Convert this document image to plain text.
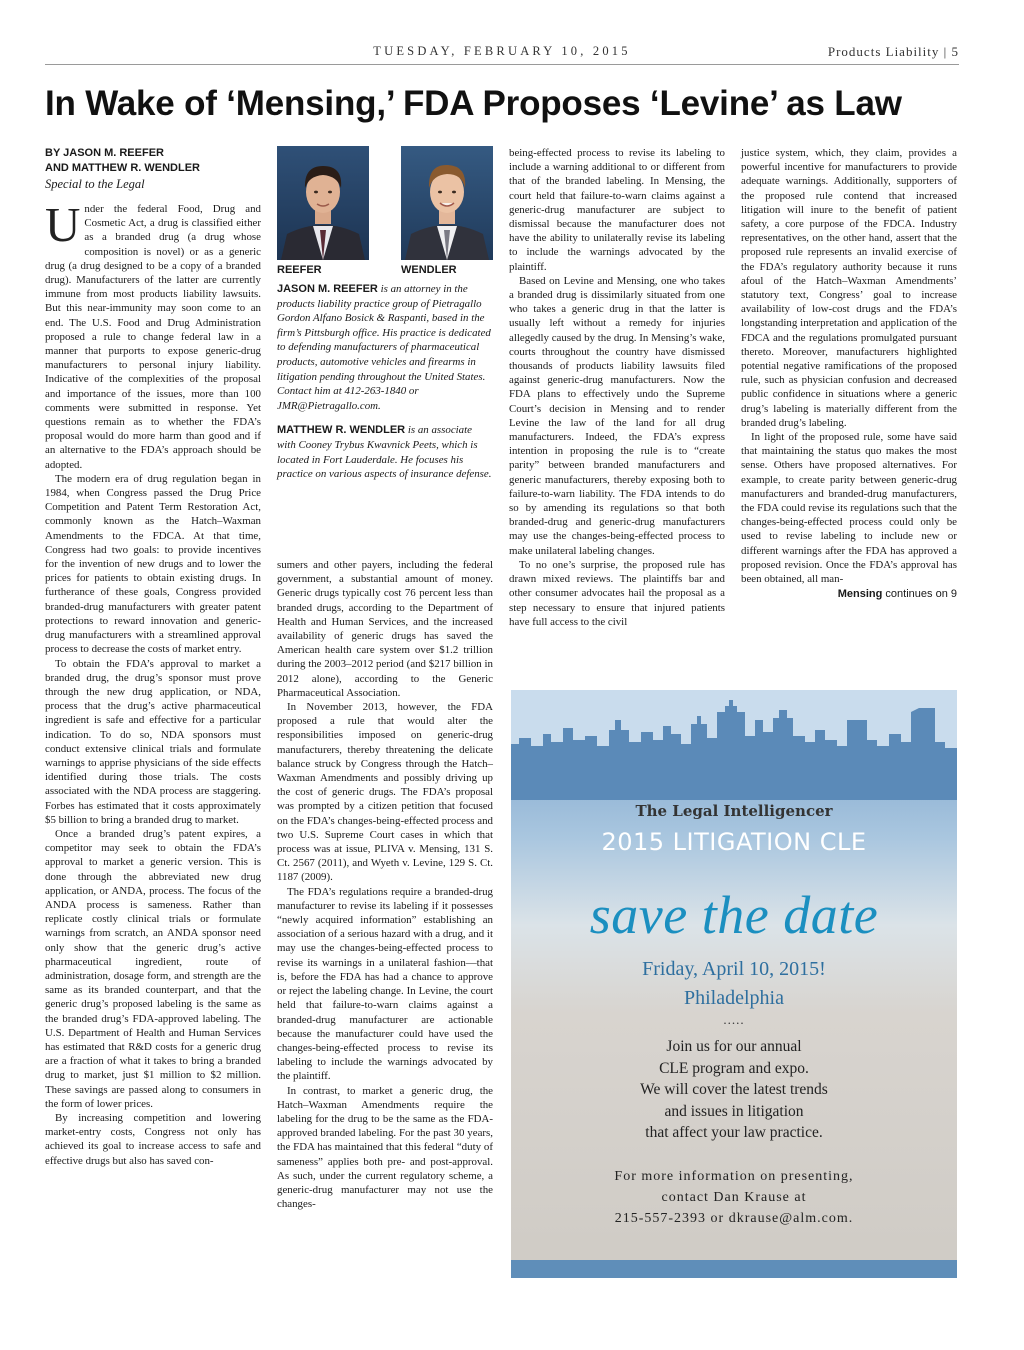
TUESDAY, FEBRUARY 10, 2015	Products Liability | 5
In Wake of ‘Mensing,’ FDA Proposes ‘Levine’ as Law

BY JASON M. REEFER

AND MATTHEW R. WENDLER

Special to the Legal

Under the federal Food, Drug and Cosmetic Act, a drug is classified either as a branded drug (a drug whose composition is novel) or as a generic drug (a drug designed to be a copy of a branded drug). Manufacturers of the latter are currently immune from most products liability lawsuits. But this near-immunity may soon come to an end. The U.S. Food and Drug Administration proposed a rule to change federal law in a manner that purports to expose generic-drug manufacturers to personal injury liability. Indicative of the complexities of the proposal and importance of the issues, more than 100 comments were submitted in response. Yet questions remain as to whether the FDA’s proposal would do more harm than good and if an alternative to the FDA’s approach should be adopted.

The modern era of drug regulation began in 1984, when Congress passed the Drug Price Competition and Patent Term Restoration Act, commonly known as the Hatch–Waxman Amendments to the FDCA. At that time, Congress had two goals: to provide incentives for the invention of new drugs and to lower the prices for patients to obtain existing drugs. In furtherance of these goals, Congress provided branded-drug manufacturers with greater patent protections to reward innovation and generic-drug manufacturers with a streamlined approval process to decrease the costs of market entry.

To obtain the FDA’s approval to market a branded drug, the drug’s sponsor must prove through the new drug application, or NDA, process that the drug’s active pharmaceutical ingredient is safe and effective for a particular indication. To do so, NDA sponsors must conduct extensive clinical trials and formulate warnings to apprise physicians of the side effects identified during those trials. The costs associated with the NDA process are staggering. Forbes has estimated that it costs approximately $5 billion to bring a branded drug to market.

Once a branded drug’s patent expires, a competitor may seek to obtain the FDA’s approval to market a generic version. This is done through the abbreviated new drug application, or ANDA, process. The focus of the ANDA process is sameness. Rather than replicate costly clinical trials or formulate warnings from scratch, an ANDA sponsor need only show that the generic drug’s active pharmaceutical ingredient, route of administration, dosage form, and strength are the same as its branded counterpart, and that the generic drug’s proposed labeling is the same as the branded drug’s FDA-approved labeling. The U.S. Department of Health and Human Services has estimated that R&D costs for a generic drug are a fraction of what it takes to bring a branded drug to market, just $1 million to $2 million. These savings are passed along to consumers in the form of lower prices.

By increasing competition and lowering market-entry costs, Congress not only has achieved its goal to increase access to safe and effective drugs but also has saved con-

REEFER	WENDLER

JASON M. REEFER is an attorney in the products liability practice group of Pietragallo Gordon Alfano Bosick & Raspanti, based in the firm’s Pittsburgh office. His practice is dedicated to defending manufacturers of pharmaceutical products, automotive vehicles and firearms in litigation pending throughout the United States. Contact him at 412-263-1840 or JMR@Pietragallo.com.

MATTHEW R. WENDLER is an associate with Cooney Trybus Kwavnick Peets, which is located in Fort Lauderdale. He focuses his practice on various aspects of insurance defense.

sumers and other payers, including the federal government, a substantial amount of money. Generic drugs typically cost 76 percent less than branded drugs, according to the Department of Health and Human Services, and the increased availability of generic drugs has saved the American health care system over $1.2 trillion during the 2003–2012 period (and $217 billion in 2012 alone), according to the Generic Pharmaceutical Association.

In November 2013, however, the FDA proposed a rule that would alter the responsibilities imposed on generic-drug manufacturers, thereby threatening the delicate balance struck by Congress through the Hatch–Waxman Amendments and possibly driving up the cost of generic drugs. The FDA’s proposal was prompted by a citizen petition that focused on the FDA’s changes-being-effected process and two U.S. Supreme Court cases in which that process was at issue, PLIVA v. Mensing, 131 S. Ct. 2567 (2011), and Wyeth v. Levine, 129 S. Ct. 1187 (2009).

The FDA’s regulations require a branded-drug manufacturer to revise its labeling if it possesses “newly acquired information” establishing an association of a serious hazard with a drug, and it may use the changes-being-effected process to revise its warnings in a unilateral fashion—that is, before the FDA has had a chance to approve or reject the labeling change. In Levine, the court held that failure-to-warn claims against a branded-drug manufacturer are actionable because the manufacturer could have used the changes-being-effected process to revise its labeling to include the warnings advocated by the plaintiff.

In contrast, to market a generic drug, the Hatch–Waxman Amendments require the labeling for the drug to be the same as the FDA-approved branded labeling. For the past 30 years, the FDA has maintained that this federal “duty of sameness” applies both pre- and post-approval. As such, under the current regulatory scheme, a generic-drug manufacturer may not use the changes-

being-effected process to revise its labeling to include a warning additional to or different from that of the branded labeling. In Mensing, the court held that failure-to-warn claims against a generic-drug manufacturer are subject to dismissal because the manufacturer does not have the ability to unilaterally revise its labeling to include the warnings advocated by the plaintiff.

Based on Levine and Mensing, one who takes a branded drug is dissimilarly situated from one who takes a generic drug in that the latter is usually left without a remedy for injuries allegedly caused by the drug. In Mensing’s wake, courts throughout the country have dismissed thousands of products liability lawsuits filed against generic-drug manufacturers. Now the FDA plans to effectively undo the Supreme Court’s decision in Mensing and to render Levine the law of the land for all drug manufacturers. Indeed, the FDA’s express intention in proposing the rule is to “create parity” between branded manufacturers and generic manufacturers, thereby exposing both to failure-to-warn liability. The FDA intends to do so by amending its regulations so that both branded-drug and generic-drug manufacturers may use the changes-being-effected process to make unilateral labeling changes.

To no one’s surprise, the proposed rule has drawn mixed reviews. The plaintiffs bar and other consumer advocates hail the proposal as a step necessary to ensure that injured patients have full access to the civil

justice system, which, they claim, provides a powerful incentive for manufacturers to provide adequate warnings. Additionally, supporters of the proposed rule contend that increased litigation will inure to the benefit of patient safety, a core purpose of the FDCA. Industry representatives, on the other hand, assert that the proposed rule represents an invalid exercise of the FDA’s regulatory authority because it runs afoul of the Hatch–Waxman Amendments’ statutory text, Congress’ goal to increase availability of low-cost drugs and the FDA’s longstanding interpretation and application of the FDCA and the regulations promulgated pursuant thereto. Moreover, manufacturers highlighted potential negative ramifications of the proposed rule, such as physician confusion and decreased public confidence in situations where a generic drug’s labeling is materially different from the branded drug’s labeling.

In light of the proposed rule, some have said that maintaining the status quo makes the most sense. Others have proposed alternatives. For example, to create parity between generic-drug manufacturers and branded-drug manufacturers, the FDA could revise its regulations such that the changes-being-effected process could only be used to revise labeling to include new or different warnings after the FDA has approved a proposed revision. Once the FDA’s approval has been obtained, all man-

Mensing continues on 9
The Legal Intelligencer
2015 LITIGATION CLE
save the date
Friday, April 10, 2015!
Philadelphia
.....
Join us for our annual
CLE program and expo.
We will cover the latest trends
and issues in litigation
that affect your law practice.
For more information on presenting,
contact Dan Krause at
215-557-2393 or dkrause@alm.com.
